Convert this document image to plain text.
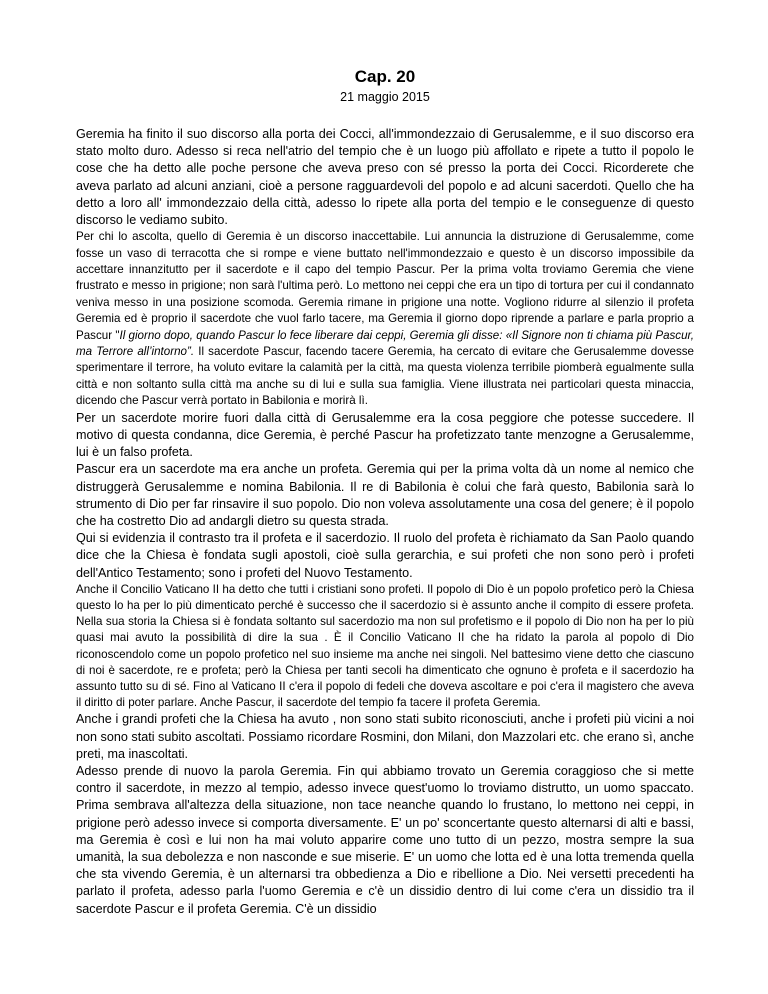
Cap. 20
21 maggio 2015

Geremia ha finito il suo discorso alla porta dei Cocci, all'immondezzaio di Gerusalemme, e il suo discorso era stato molto duro. Adesso si reca nell'atrio del tempio che è un luogo più affollato e ripete a tutto il popolo le cose che ha detto alle poche persone che aveva preso con sé presso la porta dei Cocci. Ricorderete che aveva parlato ad alcuni anziani, cioè a persone ragguardevoli del popolo e ad alcuni sacerdoti. Quello che ha detto a loro all' immondezzaio della città, adesso lo ripete alla porta del tempio e le conseguenze di questo discorso le vediamo subito.

Per chi lo ascolta, quello di Geremia è un discorso inaccettabile. Lui annuncia la distruzione di Gerusalemme, come fosse un vaso di terracotta che si rompe e viene buttato nell'immondezzaio e questo è un discorso impossibile da accettare innanzitutto per il sacerdote e il capo del tempio Pascur. Per la prima volta troviamo Geremia che viene frustrato e messo in prigione; non sarà l'ultima però. Lo mettono nei ceppi che era un tipo di tortura per cui il condannato veniva messo in una posizione scomoda. Geremia rimane in prigione una notte. Vogliono ridurre al silenzio il profeta Geremia ed è proprio il sacerdote che vuol farlo tacere, ma Geremia il giorno dopo riprende a parlare e parla proprio a Pascur "Il giorno dopo, quando Pascur lo fece liberare dai ceppi, Geremia gli disse: «Il Signore non ti chiama più Pascur, ma Terrore all’intorno”. Il sacerdote Pascur, facendo tacere Geremia, ha cercato di evitare che Gerusalemme dovesse sperimentare il terrore, ha voluto evitare la calamità per la città, ma questa violenza terribile piomberà egualmente sulla città e non soltanto sulla città ma anche su di lui e sulla sua famiglia. Viene illustrata nei particolari questa minaccia, dicendo che Pascur verrà portato in Babilonia e morirà lì.

Per un sacerdote morire fuori dalla città di Gerusalemme era la cosa peggiore che potesse succedere. Il motivo di questa condanna, dice Geremia, è perché Pascur ha profetizzato tante menzogne a Gerusalemme, lui è un falso profeta.

Pascur era un sacerdote ma era anche un profeta. Geremia qui per la prima volta dà un nome al nemico che distruggerà Gerusalemme e nomina Babilonia. Il re di Babilonia è colui che farà questo, Babilonia sarà lo strumento di Dio per far rinsavire il suo popolo. Dio non voleva assolutamente una cosa del genere; è il popolo che ha costretto Dio ad andargli dietro su questa strada.

Qui si evidenzia il contrasto tra il profeta e il sacerdozio. Il ruolo del profeta è richiamato da San Paolo quando dice che la Chiesa è fondata sugli apostoli, cioè sulla gerarchia, e sui profeti che non sono però i profeti dell'Antico Testamento; sono i profeti del Nuovo Testamento.

Anche il Concilio Vaticano II ha detto che tutti i cristiani sono profeti. Il popolo di Dio è un popolo profetico però la Chiesa questo lo ha per lo più dimenticato perché è successo che il sacerdozio si è assunto anche il compito di essere profeta. Nella sua storia la Chiesa si è fondata soltanto sul sacerdozio ma non sul profetismo e il popolo di Dio non ha per lo più quasi mai avuto la possibilità di dire la sua . È il Concilio Vaticano II che ha ridato la parola al popolo di Dio riconoscendolo come un popolo profetico nel suo insieme ma anche nei singoli. Nel battesimo viene detto che ciascuno di noi è sacerdote, re e profeta; però la Chiesa per tanti secoli ha dimenticato che ognuno è profeta e il sacerdozio ha assunto tutto su di sé. Fino al Vaticano II c'era il popolo di fedeli che doveva ascoltare e poi c'era il magistero che aveva il diritto di poter parlare. Anche Pascur, il sacerdote del tempio fa tacere il profeta Geremia.

Anche i grandi profeti che la Chiesa ha avuto , non sono stati subito riconosciuti, anche i profeti più vicini a noi non sono stati subito ascoltati. Possiamo ricordare Rosmini, don Milani, don Mazzolari etc. che erano sì, anche preti, ma inascoltati.

Adesso prende di nuovo la parola Geremia. Fin qui abbiamo trovato un Geremia coraggioso che si mette contro il sacerdote, in mezzo al tempio, adesso invece quest'uomo lo troviamo distrutto, un uomo spaccato. Prima sembrava all'altezza della situazione, non tace neanche quando lo frustano, lo mettono nei ceppi, in prigione però adesso invece si comporta diversamente. E' un po' sconcertante questo alternarsi di alti e bassi, ma Geremia è così e lui non ha mai voluto apparire come uno tutto di un pezzo, mostra sempre la sua umanità, la sua debolezza e non nasconde e sue miserie. E' un uomo che lotta ed è una lotta tremenda quella che sta vivendo Geremia, è un alternarsi tra obbedienza a Dio e ribellione a Dio. Nei versetti precedenti ha parlato il profeta, adesso parla l'uomo Geremia e c'è un dissidio dentro di lui come c'era un dissidio tra il sacerdote Pascur e il profeta Geremia. C'è un dissidio
